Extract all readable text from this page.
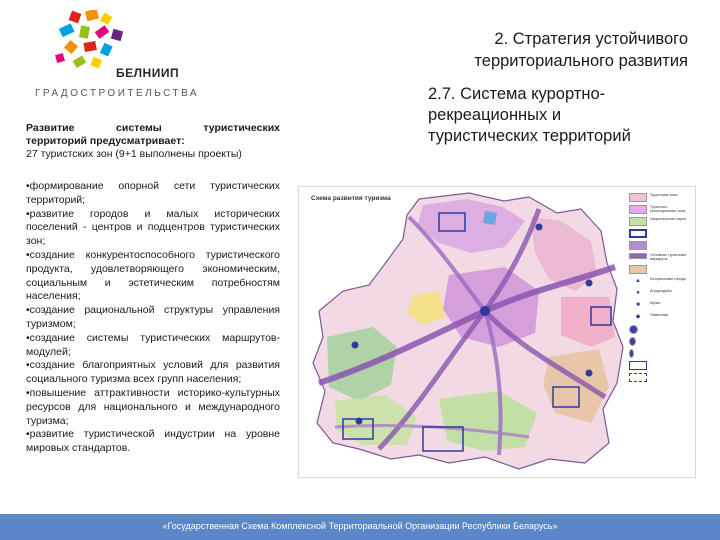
БЕЛНИИП
ГРАДОСТРОИТЕЛЬСТВА
2. Стратегия устойчивого
территориального развития
2.7. Система курортно-
рекреационных и
туристических территорий
Развитие системы туристических
территорий предусматривает:
27 туристских зон (9+1 выполнены проекты)

•формирование опорной сети туристических территорий;

•развитие городов и малых исторических поселений - центров и подцентров туристических зон;

•создание конкурентоспособного туристического продукта, удовлетворяющего экономическим, социальным и эстетическим потребностям населения;

•создание рациональной структуры управления туризмом;

•создание системы туристических маршрутов-модулей;

•создание благоприятных условий для развития социального туризма всех групп населения;

•повышение аттрактивности историко-культурных ресурсов для национального и международного туризма;

•развитие туристической индустрии на уровне мировых стандартов.

Схема развития туризма	Туристские зоны
Туристско-рекреационные зоны
Национальные парки
Основные туристские маршруты
▲	Исторические города
●	Агроусадьбы
■	Музеи
◆	Памятники
«Государственная Схема Комплексной Территориальной Организации Республики Беларусь»
